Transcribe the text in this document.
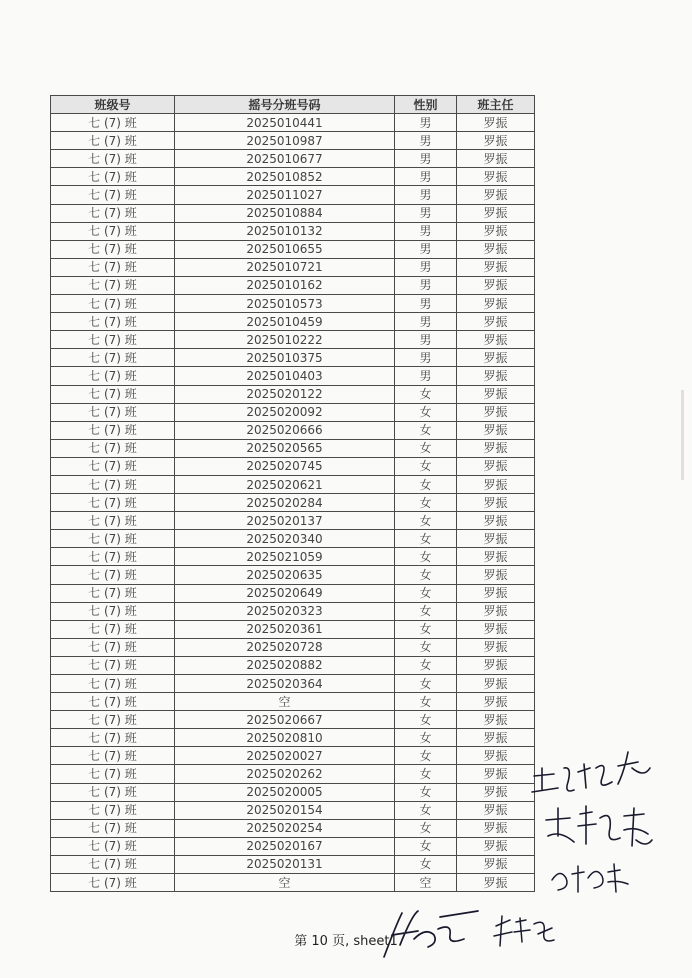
班级号	摇号分班号码	性别	班主任
七 (7) 班	2025010441	男	罗振
七 (7) 班	2025010987	男	罗振
七 (7) 班	2025010677	男	罗振
七 (7) 班	2025010852	男	罗振
七 (7) 班	2025011027	男	罗振
七 (7) 班	2025010884	男	罗振
七 (7) 班	2025010132	男	罗振
七 (7) 班	2025010655	男	罗振
七 (7) 班	2025010721	男	罗振
七 (7) 班	2025010162	男	罗振
七 (7) 班	2025010573	男	罗振
七 (7) 班	2025010459	男	罗振
七 (7) 班	2025010222	男	罗振
七 (7) 班	2025010375	男	罗振
七 (7) 班	2025010403	男	罗振
七 (7) 班	2025020122	女	罗振
七 (7) 班	2025020092	女	罗振
七 (7) 班	2025020666	女	罗振
七 (7) 班	2025020565	女	罗振
七 (7) 班	2025020745	女	罗振
七 (7) 班	2025020621	女	罗振
七 (7) 班	2025020284	女	罗振
七 (7) 班	2025020137	女	罗振
七 (7) 班	2025020340	女	罗振
七 (7) 班	2025021059	女	罗振
七 (7) 班	2025020635	女	罗振
七 (7) 班	2025020649	女	罗振
七 (7) 班	2025020323	女	罗振
七 (7) 班	2025020361	女	罗振
七 (7) 班	2025020728	女	罗振
七 (7) 班	2025020882	女	罗振
七 (7) 班	2025020364	女	罗振
七 (7) 班	空	女	罗振
七 (7) 班	2025020667	女	罗振
七 (7) 班	2025020810	女	罗振
七 (7) 班	2025020027	女	罗振
七 (7) 班	2025020262	女	罗振
七 (7) 班	2025020005	女	罗振
七 (7) 班	2025020154	女	罗振
七 (7) 班	2025020254	女	罗振
七 (7) 班	2025020167	女	罗振
七 (7) 班	2025020131	女	罗振
七 (7) 班	空	空	罗振
第 10 页, sheet1
